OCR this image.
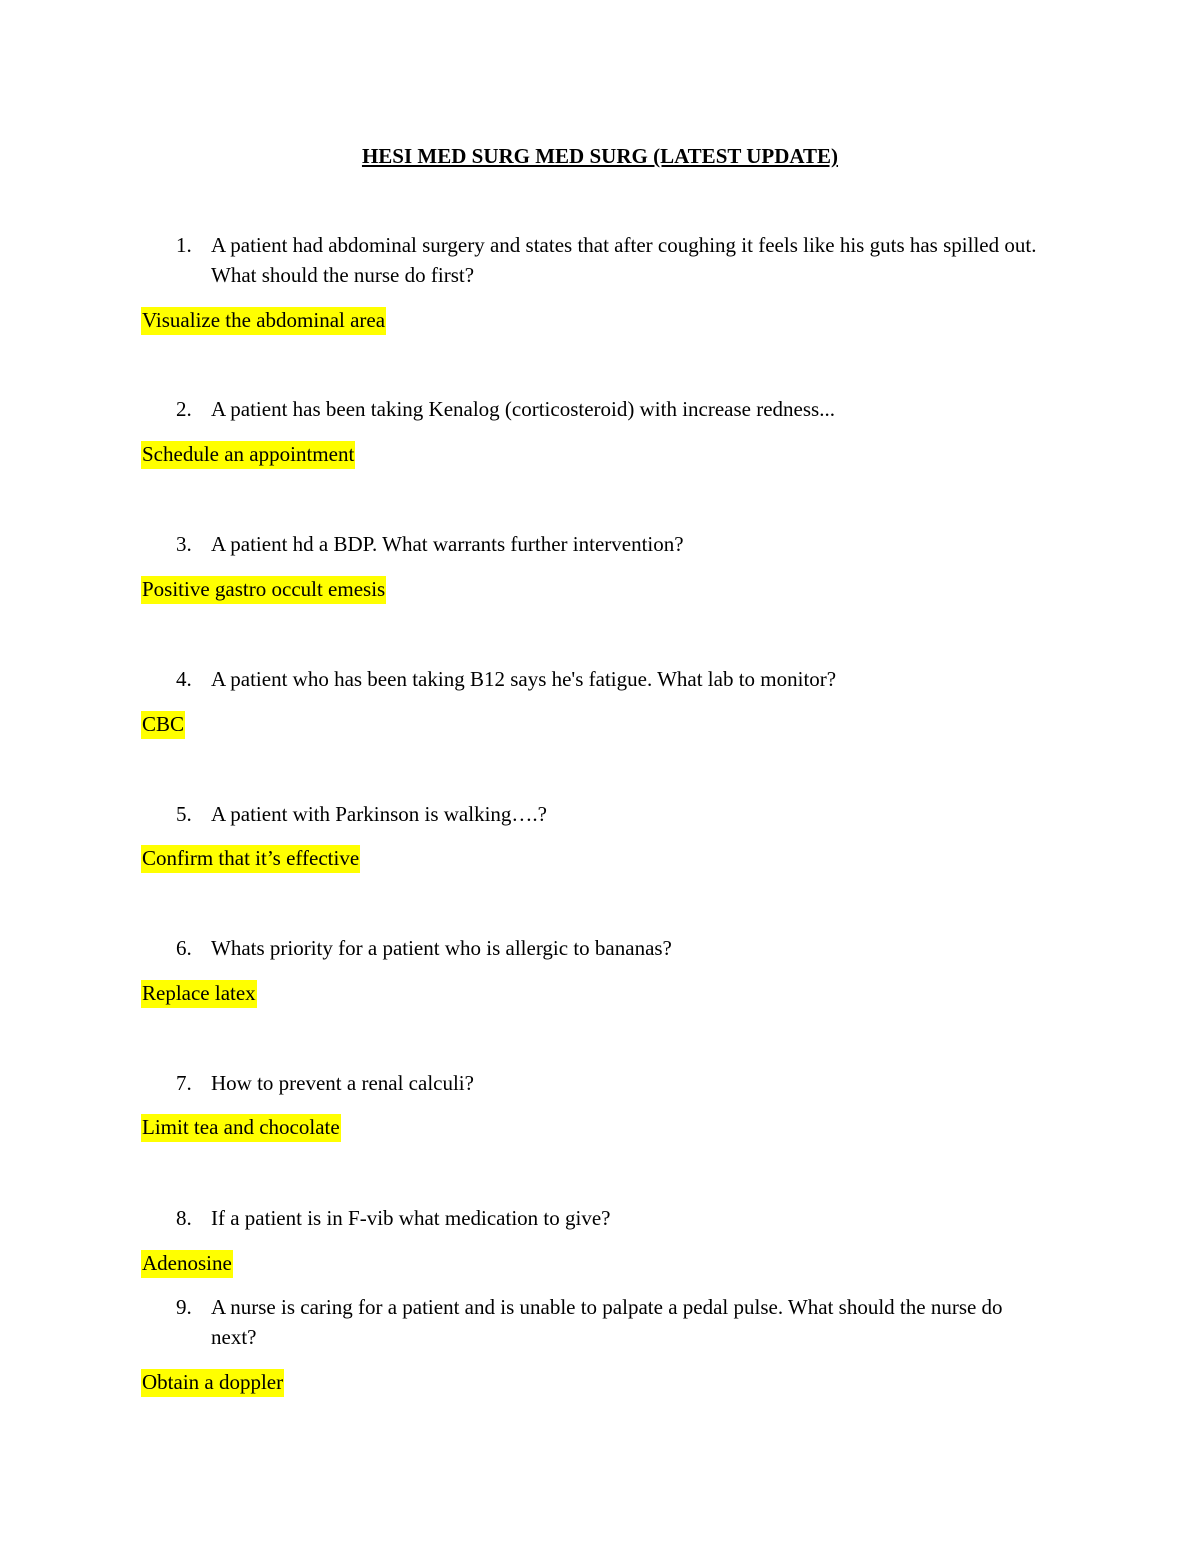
HESI MED SURG MED SURG (LATEST UPDATE)
1. A patient had abdominal surgery and states that after coughing it feels like his guts has spilled out. What should the nurse do first?
Visualize the abdominal area
2. A patient has been taking Kenalog (corticosteroid) with increase redness...
Schedule an appointment
3. A patient hd a BDP. What warrants further intervention?
Positive gastro occult emesis
4. A patient who has been taking B12 says he's fatigue. What lab to monitor?
CBC
5. A patient with Parkinson is walking….?
Confirm that it’s effective
6. Whats priority for a patient who is allergic to bananas?
Replace latex
7. How to prevent a renal calculi?
Limit tea and chocolate
8. If a patient is in F-vib what medication to give?
Adenosine
9. A nurse is caring for a patient and is unable to palpate a pedal pulse. What should the nurse do next?
Obtain a doppler
